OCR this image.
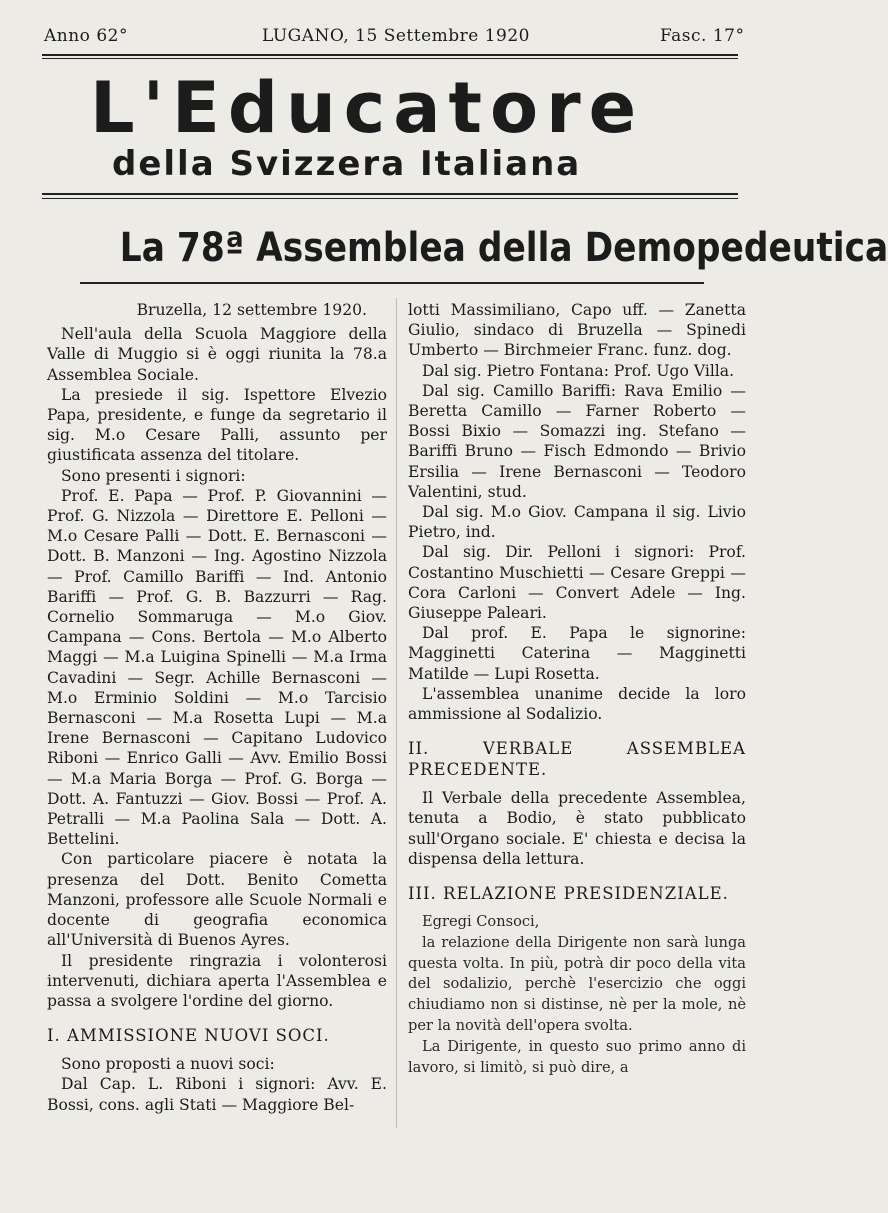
Anno 62°	LUGANO, 15 Settembre 1920	Fasc. 17°
L'Educatore
della Svizzera Italiana
La 78ª Assemblea della Demopedeutica

Bruzella, 12 settembre 1920.

Nell'aula della Scuola Maggiore della Valle di Muggio si è oggi riunita la 78.a Assemblea Sociale.

La presiede il sig. Ispettore Elvezio Papa, presidente, e funge da segretario il sig. M.o Cesare Palli, assunto per giustificata assenza del titolare.

Sono presenti i signori:

Prof. E. Papa — Prof. P. Giovannini — Prof. G. Nizzola — Direttore E. Pelloni — M.o Cesare Palli — Dott. E. Bernasconi — Dott. B. Manzoni — Ing. Agostino Nizzola — Prof. Camillo Bariffi — Ind. Antonio Bariffi — Prof. G. B. Bazzurri — Rag. Cornelio Sommaruga — M.o Giov. Campana — Cons. Bertola — M.o Alberto Maggi — M.a Luigina Spinelli — M.a Irma Cavadini — Segr. Achille Bernasconi — M.o Erminio Soldini — M.o Tarcisio Bernasconi — M.a Rosetta Lupi — M.a Irene Bernasconi — Capitano Ludovico Riboni — Enrico Galli — Avv. Emilio Bossi — M.a Maria Borga — Prof. G. Borga — Dott. A. Fantuzzi — Giov. Bossi — Prof. A. Petralli — M.a Paolina Sala — Dott. A. Bettelini.

Con particolare piacere è notata la presenza del Dott. Benito Cometta Manzoni, professore alle Scuole Normali e docente di geografia economica all'Università di Buenos Ayres.

Il presidente ringrazia i volonterosi intervenuti, dichiara aperta l'Assemblea e passa a svolgere l'ordine del giorno.

I. AMMISSIONE NUOVI SOCI.

Sono proposti a nuovi soci:

Dal Cap. L. Riboni i signori: Avv. E. Bossi, cons. agli Stati — Maggiore Bel-

lotti Massimiliano, Capo uff. — Zanetta Giulio, sindaco di Bruzella — Spinedi Umberto — Birchmeier Franc. funz. dog.

Dal sig. Pietro Fontana: Prof. Ugo Villa.

Dal sig. Camillo Bariffi: Rava Emilio — Beretta Camillo — Farner Roberto — Bossi Bixio — Somazzi ing. Stefano — Bariffi Bruno — Fisch Edmondo — Brivio Ersilia — Irene Bernasconi — Teodoro Valentini, stud.

Dal sig. M.o Giov. Campana il sig. Livio Pietro, ind.

Dal sig. Dir. Pelloni i signori: Prof. Costantino Muschietti — Cesare Greppi — Cora Carloni — Convert Adele — Ing. Giuseppe Paleari.

Dal prof. E. Papa le signorine: Magginetti Caterina — Magginetti Matilde — Lupi Rosetta.

L'assemblea unanime decide la loro ammissione al Sodalizio.

II. VERBALE ASSEMBLEA PRECEDENTE.

Il Verbale della precedente Assemblea, tenuta a Bodio, è stato pubblicato sull'Organo sociale. E' chiesta e decisa la dispensa della lettura.

III. RELAZIONE PRESIDENZIALE.

Egregi Consoci,

la relazione della Dirigente non sarà lunga questa volta. In più, potrà dir poco della vita del sodalizio, perchè l'esercizio che oggi chiudiamo non si distinse, nè per la mole, nè per la novità dell'opera svolta.

La Dirigente, in questo suo primo anno di lavoro, si limitò, si può dire, a
